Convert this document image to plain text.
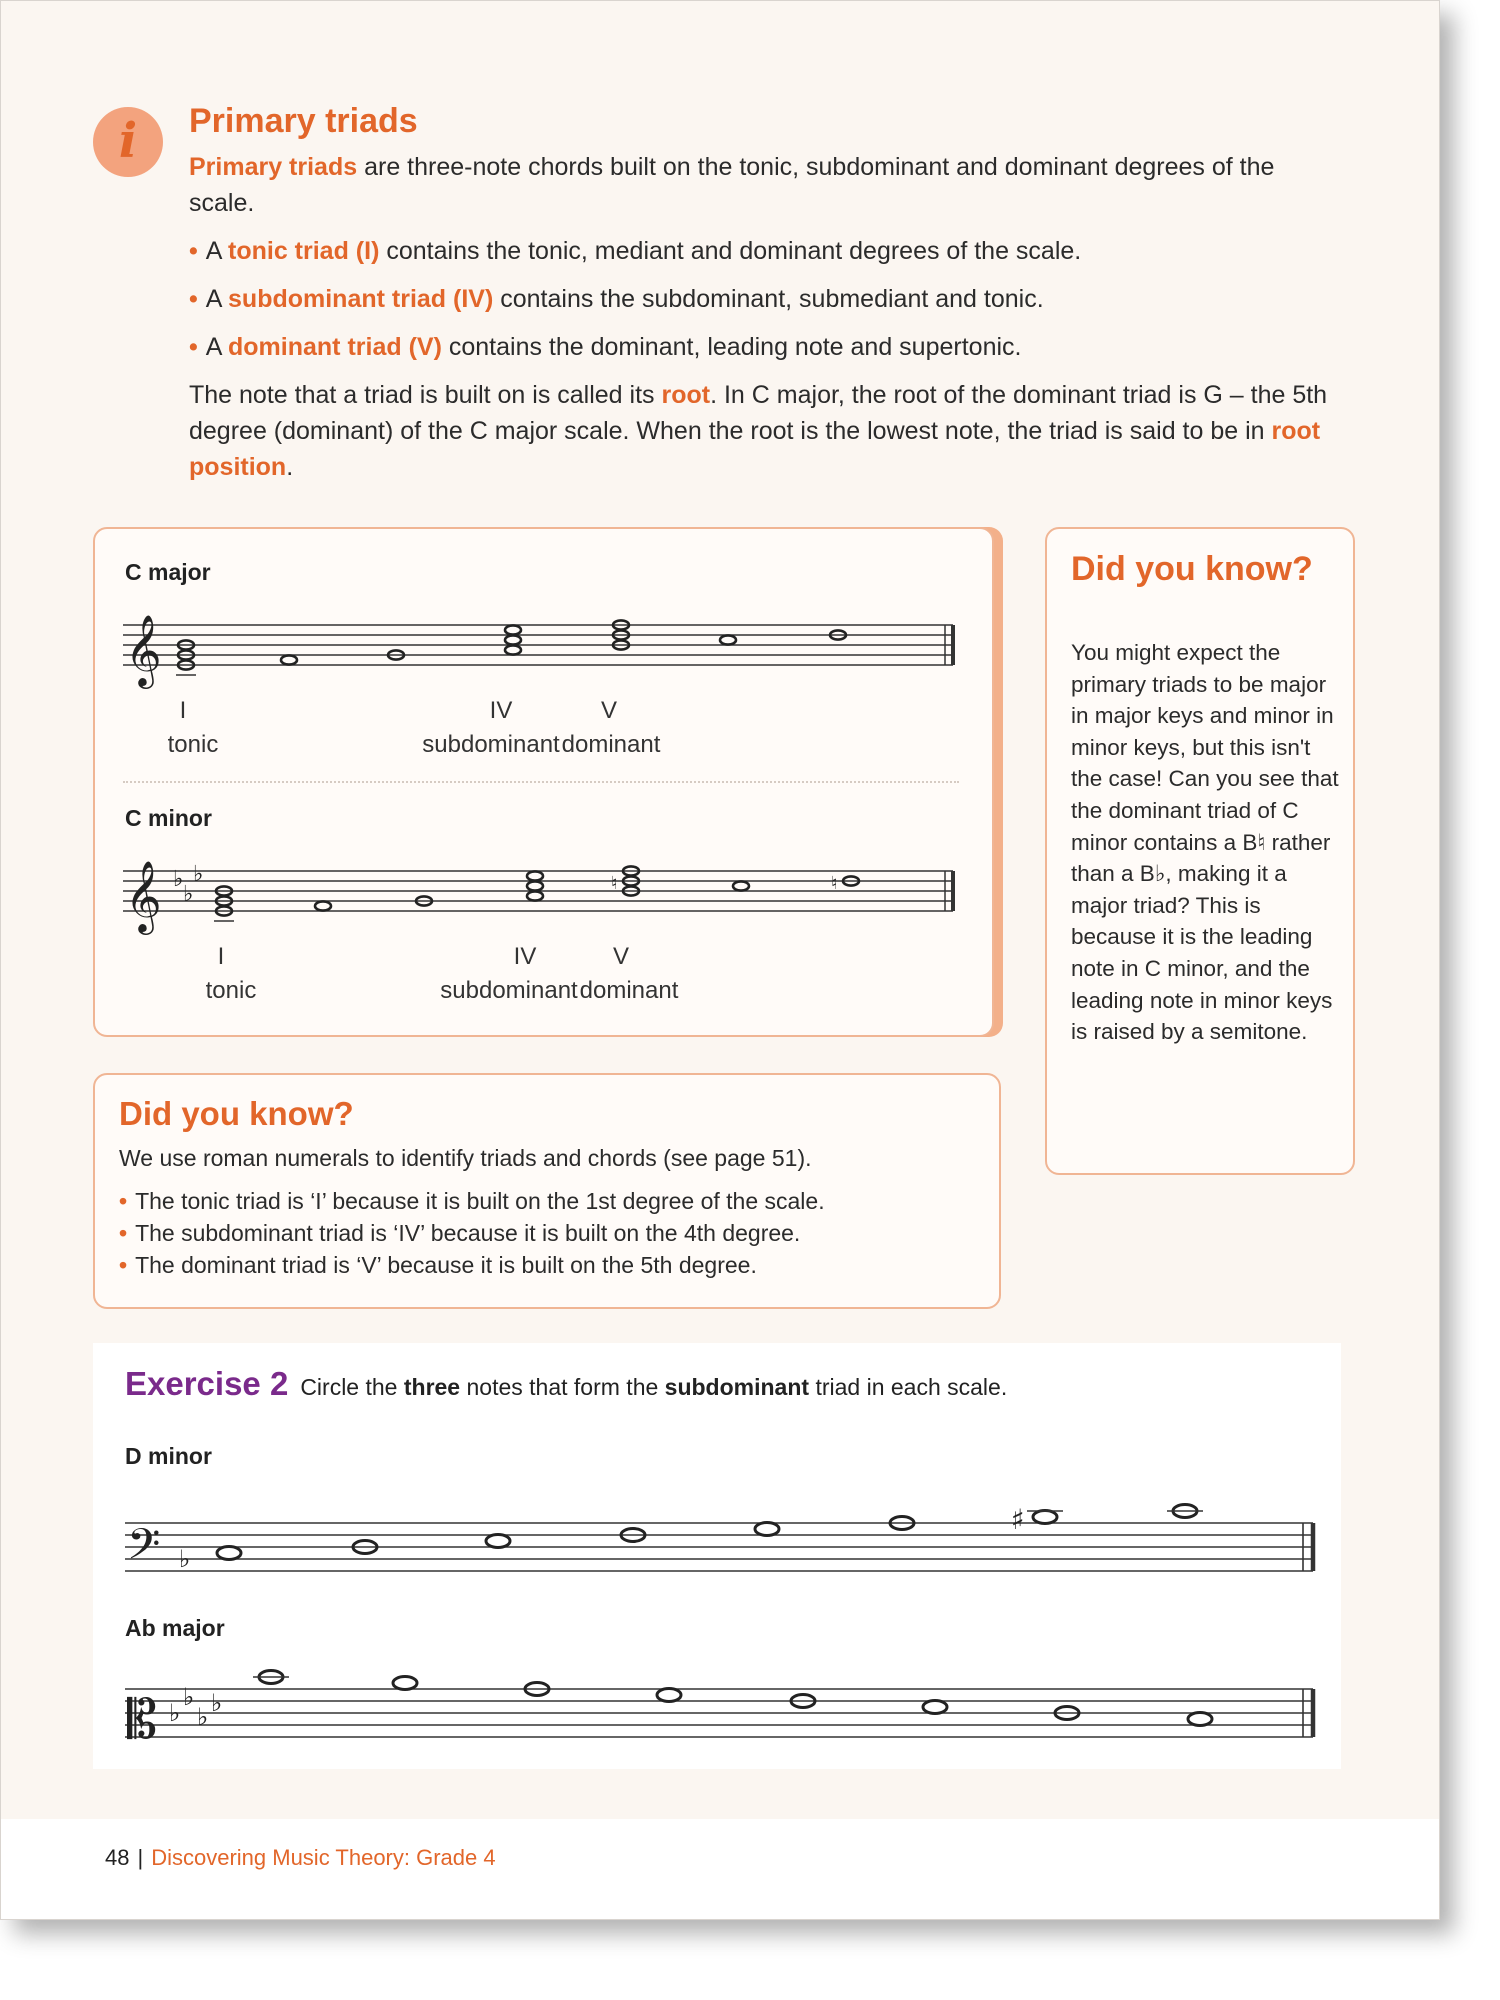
i	Primary triads

Primary triads are three-note chords built on the tonic, subdominant and dominant degrees of the scale.

• A tonic triad (I) contains the tonic, mediant and dominant degrees of the scale.
• A subdominant triad (IV) contains the subdominant, submediant and tonic.
• A dominant triad (V) contains the dominant, leading note and supertonic.

The note that a triad is built on is called its root. In C major, the root of the dominant triad is G – the 5th degree (dominant) of the C major scale. When the root is the lowest note, the triad is said to be in root position.

C major
𝄞
I	IV	V
tonic	subdominant dominant
C minor
𝄞 ♭
♭
♭	♮	♮
I	IV	V
tonic	subdominant dominant
Did you know?

You might expect the primary triads to be major in major keys and minor in minor keys, but this isn't the case! Can you see that the dominant triad of C minor contains a B♮ rather than a B♭, making it a major triad? This is because it is the leading note in C minor, and the leading note in minor keys is raised by a semitone.

Did you know?

We use roman numerals to identify triads and chords (see page 51).

• The tonic triad is ‘I’ because it is built on the 1st degree of the scale.
• The subdominant triad is ‘IV’ because it is built on the 4th degree.
• The dominant triad is ‘V’ because it is built on the 5th degree.
Exercise 2 Circle the three notes that form the subdominant triad in each scale.
D minor
𝄢 ♭
♯
Ab major
𝄡 ♭
♭
♭ ♭
48 | Discovering Music Theory: Grade 4
